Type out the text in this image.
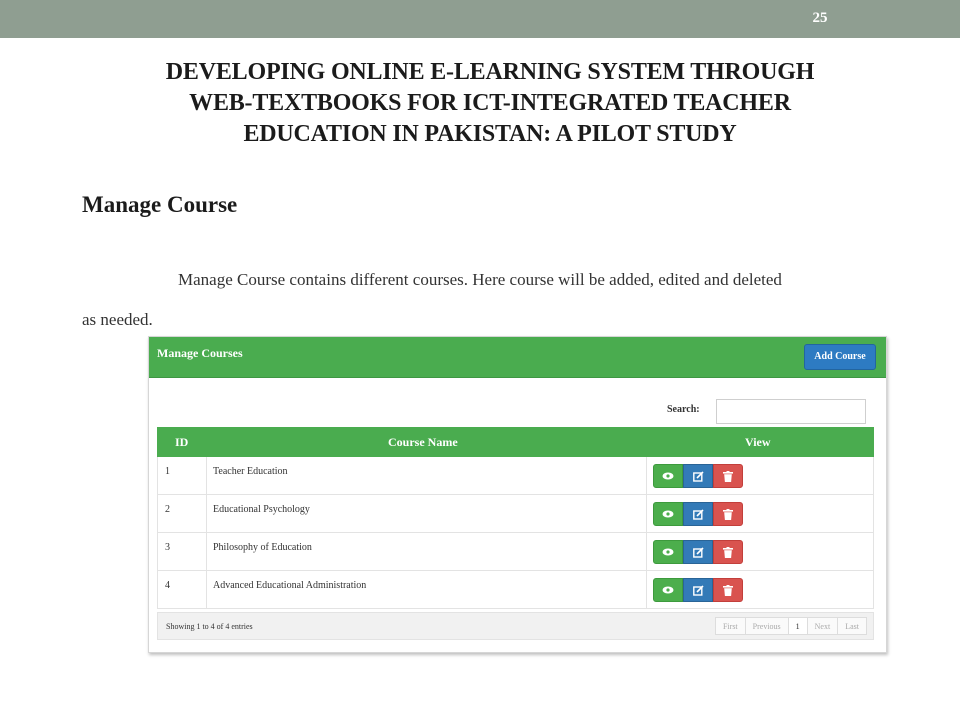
25
DEVELOPING ONLINE E-LEARNING SYSTEM THROUGH
WEB-TEXTBOOKS FOR ICT-INTEGRATED TEACHER
EDUCATION IN PAKISTAN: A PILOT STUDY
Manage Course
Manage Course contains different courses. Here course will be added, edited and deleted
as needed.
Manage Courses	Add Course
Search:
ID	Course Name	View
1	Teacher Education
2	Educational Psychology
3	Philosophy of Education
4	Advanced Educational Administration
Showing 1 to 4 of 4 entries	First	Previous	1	Next	Last
